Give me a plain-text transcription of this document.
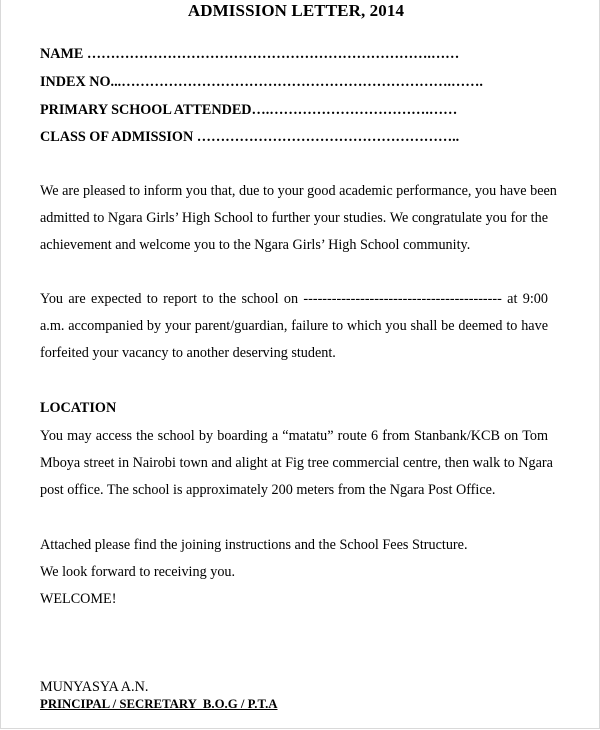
ADMISSION LETTER, 2014
NAME ……………………………………………………………….……
INDEX NO...…………………………………………………………….…….
PRIMARY SCHOOL ATTENDED….…………………………….……
CLASS OF ADMISSION ………………………………………………..
We are pleased to inform you that, due to your good academic performance, you have been
admitted to Ngara Girls’ High School to further your studies. We congratulate you for the
achievement and welcome you to the Ngara Girls’ High School community.
You are expected to report to the school on ------------------------------------------ at 9:00
a.m. accompanied by your parent/guardian, failure to which you shall be deemed to have
forfeited your vacancy to another deserving student.
LOCATION
You may access the school by boarding a “matatu” route 6 from Stanbank/KCB on Tom
Mboya street in Nairobi town and alight at Fig tree commercial centre, then walk to Ngara
post office. The school is approximately 200 meters from the Ngara Post Office.
Attached please find the joining instructions and the School Fees Structure.
We look forward to receiving you.
WELCOME!
MUNYASYA A.N.
PRINCIPAL / SECRETARY  B.O.G / P.T.A
